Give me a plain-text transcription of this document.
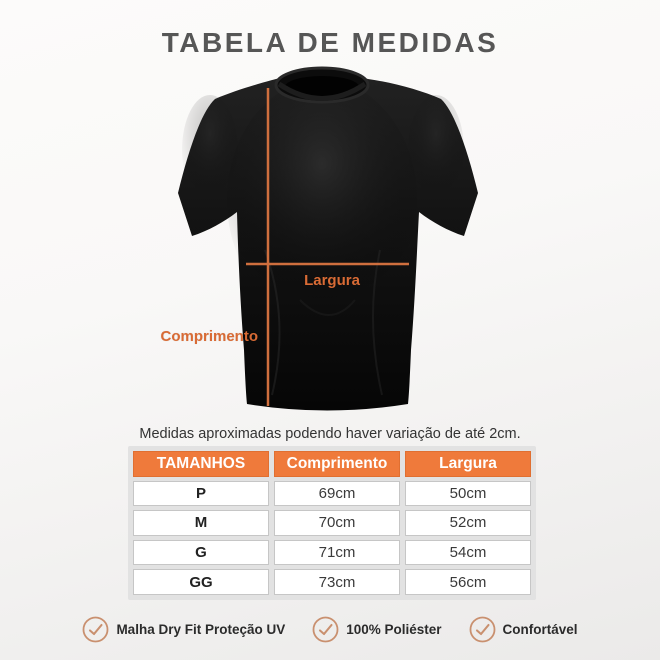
TABELA DE MEDIDAS
Largura
Comprimento
Medidas aproximadas podendo haver variação de até 2cm.
TAMANHOS	Comprimento	Largura
P	69cm	50cm
M	70cm	52cm
G	71cm	54cm
GG	73cm	56cm
Malha Dry Fit Proteção UV	100% Poliéster	Confortável
